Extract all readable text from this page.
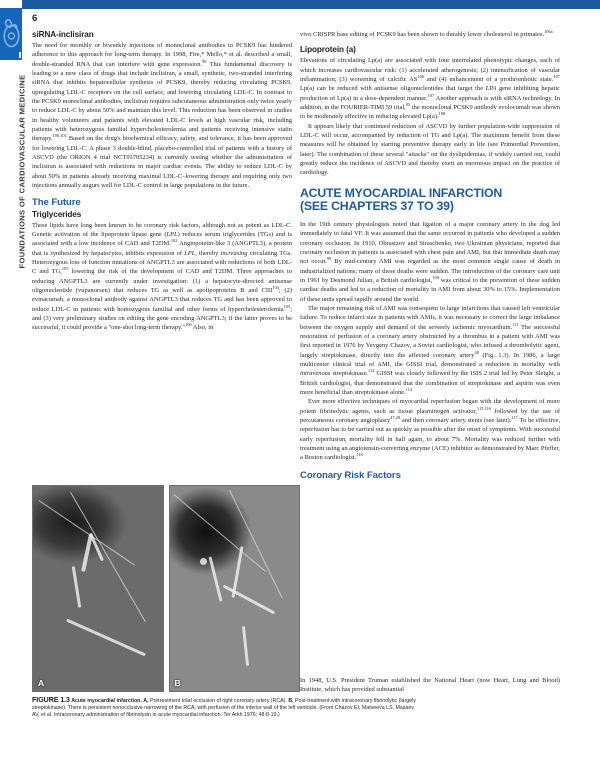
FOUNDATIONS OF CARDIOVASCULAR MEDICINE
6
siRNA-inclisiran

The need for monthly or biweekly injections of monoclonal antibodies to PCSK9 has hindered adherence to this approach for long-term therapy. In 1998, Fire,* Mello,* et al. described a small, double-stranded RNA that can interfere with gene expression.$^{99}$ This fundamental discovery is leading to a new class of drugs that include inclisiran, a small, synthetic, two-stranded interfering siRNA that inhibits hepatocellular synthesis of PCSK9, thereby reducing circulating PCSK9, upregulating LDL-C receptors on the cell surface, and lowering circulating LDL-C. In contrast to the PCSK9 monoclonal antibodies, inclisiran requires subcutaneous administration only twice yearly to reduce LDL-C by about 50% and maintain this level. This reduction has been observed in studies in healthy volunteers and patients with elevated LDL-C levels at high vascular risk, including patients with heterozygous familial hypercholesterolemia and patients receiving intensive statin therapy.$^{100,101}$ Based on the drug's biochemical efficacy, safety, and tolerance, it has been approved for lowering LDL-C. A phase 3 double-blind, placebo-controlled trial of patients with a history of ASCVD (the ORION 4 trial NCT03705234) is currently testing whether the administration of inclisiran is associated with reductions in major cardiac events. The ability to reduce LDL-C by about 50% in patients already receiving maximal LDL-C–lowering therapy and requiring only two injections annually augurs well for LDL-C control in large populations in the future.

The Future
Triglycerides

These lipids have long been known to be coronary risk factors, although not as potent as LDL-C. Genetic activation of the lipoprotein lipase gene (LPL) reduces serum triglycerides (TGs) and is associated with a low incidence of CAD and T2DM.$^{102}$ Angiopoietin-like 3 (ANGPTL3), a protein that is synthesized by hepatocytes, inhibits expression of LPL, thereby increasing circulating TGs. Heterozygous loss of function mutations of ANGPTL3 are associated with reductions of both LDL-C and TG,$^{103}$ lowering the risk of the development of CAD and T2DM. Three approaches to reducing ANGPTL3 are currently under investigation: (1) a hepatocyte-directed antisense oligonucleotide (vupanorsen) that reduces TG as well as apolipoproteins B and CIII$^{104}$; (2) evinacumab, a monoclonal antibody against ANGPTL3 that reduces TG and has been approved to reduce LDL-C in patients with homozygous familial and other forms of hypercholesterolemia$^{105}$; and (3) very preliminary studies on editing the gene encoding ANGPTL3; if the latter proves to be successful, it could provide a "one-shot long-term therapy."$^{106}$ Also, in

vivo CRISPR base editing of PCSK9 has been shown to durably lower cholesterol in primates.$^{106a}$

Lipoprotein (a)

Elevations of circulating Lp(a) are associated with four interrelated phenotypic changes, each of which increases cardiovascular risk: (1) accelerated atherogenesis; (2) intensification of vascular inflammation; (3) worsening of calcific AS$^{106}$ and (4) enhancement of a prothrombotic state.$^{107}$ Lp(a) can be reduced with antisense oligonucleotides that target the LPA gene inhibiting hepatic production of Lp(a) in a dose-dependent manner.$^{107}$ Another approach is with siRNA technology. In addition, in the FOURIER-TIMI 59 trial,$^{95}$ the monoclonal PCSK9 antibody evolocumab was shown to be moderately effective in reducing elevated Lp(a).$^{108}$

It appears likely that continued reduction of ASCVD by further population-wide suppression of LDL-C will occur, accompanied by reduction of TG and Lp(a). The maximum benefit from these measures will be obtained by starting preventive therapy early in life (see Primordial Prevention, later). The combination of these several "attacks" on the dyslipidemias, if widely carried out, could greatly reduce the incidence of ASCVD and thereby exert an enormous impact on the practice of cardiology.

ACUTE MYOCARDIAL INFARCTION
(SEE CHAPTERS 37 TO 39)

In the 19th century physiologists noted that ligation of a major coronary artery in the dog led immediately to fatal VF. It was assumed that the same occurred in patients who developed a sudden coronary occlusion. In 1910, Obrastzov and Straschenko, two Ukrainian physicians, reported that coronary occlusion in patients is associated with chest pain and AMI, but that immediate death may not occur.$^{99}$ By mid-century AMI was regarded as the most common single cause of death in industrialized nations; many of these deaths were sudden. The introduction of the coronary care unit in 1961 by Desmond Julian, a British cardiologist,$^{100}$ was critical to the prevention of these sudden cardiac deaths and led to a reduction of mortality in AMI from about 30% to 15%. Implementation of these units spread rapidly around the world.

The major remaining risk of AMI was consequent to large infarctions that caused left ventricular failure. To reduce infarct size in patients with AMIs, it was necessary to correct the large imbalance between the oxygen supply and demand of the severely ischemic myocardium.$^{111}$ The successful restoration of perfusion of a coronary artery obstructed by a thrombus in a patient with AMI was first reported in 1976 by Yevgeny Chazov, a Soviet cardiologist, who infused a thrombolytic agent, largely streptokinase, directly into the affected coronary artery$^{48}$ (Fig. 1.3). In 1986, a large multicenter clinical trial of AMI, the GISSI trial, demonstrated a reduction in mortality with intravenous streptokinase.$^{112}$ GISSI was closely followed by the ISIS 2 trial led by Peter Sleight, a British cardiologist, that demonstrated that the combination of streptokinase and aspirin was even more beneficial than streptokinase alone.$^{114}$

Ever more effective techniques of myocardial reperfusion began with the development of more potent fibrinolytic agents, such as tissue plasminogen activator,$^{115,116}$ followed by the use of percutaneous coronary angioplasty$^{47,28}$ and then coronary artery stents (see later).$^{117}$ To be effective, reperfusion has to be carried out as quickly as possible after the onset of symptoms. With successful early reperfusion, mortality fell in half again, to about 7%. Mortality was reduced further with treatment using an angiotensin-converting enzyme (ACE) inhibitor as demonstrated by Marc Pfeffer, a Boston cardiologist.$^{118}$

Coronary Risk Factors
A	B
FIGURE 1.3 Acute myocardial infarction. A, Pretreatment total occlusion of right coronary artery (RCA). B, Post-treatment with intracoronary fibrinolytic (largely streptokinase). There is persistent nonocclusive narrowing of the RCA, with perfusion of the inferior wall of the left ventricle. (From Chazov EI, Matveeva LS, Mazaev AV, et al. Intracoronary administration of fibrinolysin in acute myocardial infarction. Ter Arkh 1976; 48:8-19.)

In 1948, U.S. President Truman established the National Heart (now Heart, Lung and Blood) Institute, which has provided substantial
